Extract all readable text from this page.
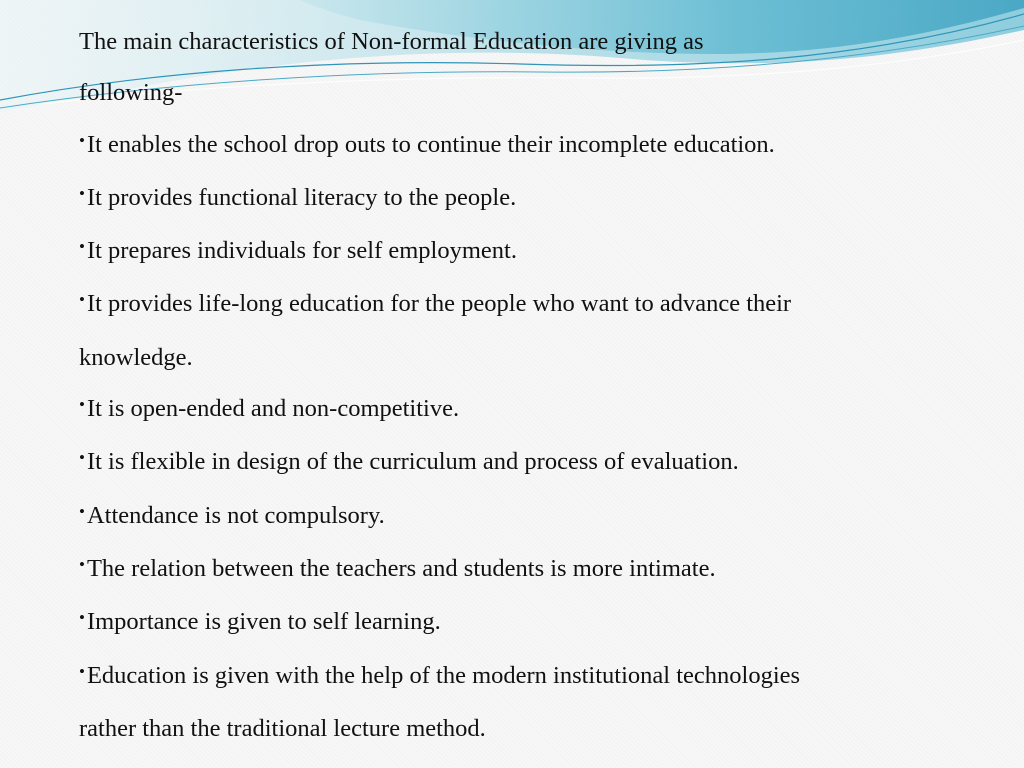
The main characteristics of Non-formal Education are giving as
following-
•It enables the school drop outs to continue their incomplete education.
•It provides functional literacy to the people.
•It prepares individuals for self employment.
•It provides life-long education for the people who want to advance their
knowledge.
•It is open-ended and non-competitive.
•It is flexible in design of the curriculum and process of evaluation.
•Attendance is not compulsory.
•The relation between the teachers and students is more intimate.
•Importance is given to self learning.
•Education is given with the help of the modern institutional technologies
rather than the traditional lecture method.
